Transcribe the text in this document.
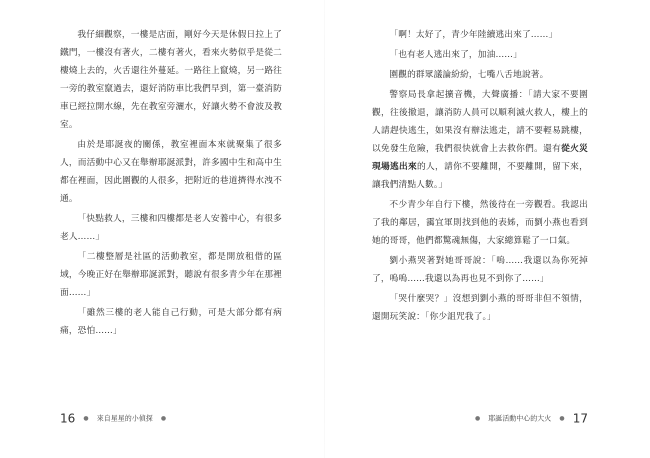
我仔細觀察，一樓是店面，剛好今天是休假日拉上了鐵門，一樓沒有著火，二樓有著火，看來火勢似乎是從二樓燒上去的，火舌還往外蔓延。一路往上竄燒，另一路往一旁的教室竄過去，還好消防車比我們早到，第一臺消防車已經拉開水線，先在教室旁灑水，好讓火勢不會波及教室。

由於是耶誕夜的關係，教室裡面本來就聚集了很多人，而活動中心又在舉辦耶誕派對，許多國中生和高中生都在裡面，因此圍觀的人很多，把附近的巷道擠得水洩不通。

「快點救人，三樓和四樓都是老人安養中心，有很多老人……」

「二樓整層是社區的活動教室，都是開放租借的區域，今晚正好在舉辦耶誕派對，聽說有很多青少年在那裡面……」

「雖然三樓的老人能自己行動，可是大部分都有病痛，恐怕……」

「啊！太好了，青少年陸續逃出來了……」

「也有老人逃出來了，加油……」

圍觀的群眾議論紛紛，七嘴八舌地說著。

警察局長拿起擴音機，大聲廣播：「請大家不要圍觀，往後撤退，讓消防人員可以順利滅火救人，樓上的人請趕快逃生，如果沒有辦法逃走，請不要輕易跳樓，以免發生危險，我們很快就會上去救你們。還有從火災現場逃出來的人，請你不要離開，不要離開，留下來，讓我們清點人數。」

不少青少年自行下樓，然後待在一旁觀看。我認出了我的鄰居，靄宜軍則找到他的表姊，而劉小燕也看到她的哥哥，他們都驚魂無傷，大家總算鬆了一口氣。

劉小燕哭著對她哥哥說：「嗚……我還以為你死掉了，嗚嗚……我還以為再也見不到你了……」

「哭什麼哭？」沒想到劉小燕的哥哥非但不領情，還開玩笑說：「你少詛咒我了。」

16 ● 來自星星的小偵探 ●	● 耶誕活動中心的大火 ● 17
